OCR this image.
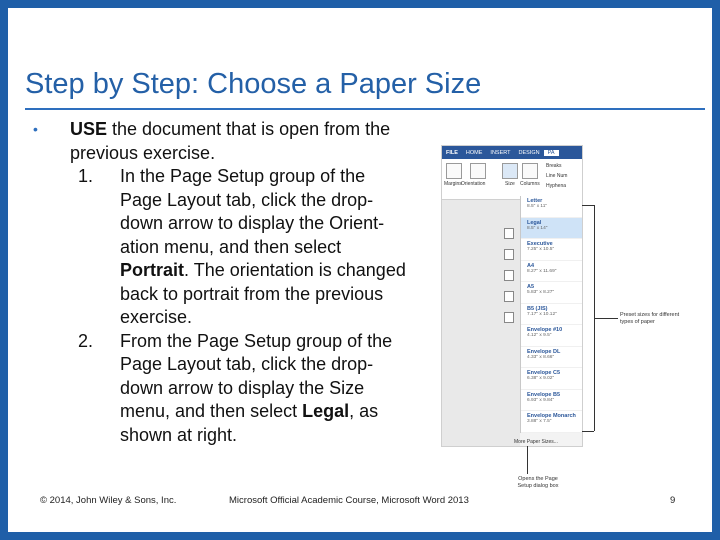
Step by Step: Choose a Paper Size
• USE the document that is open from the previous exercise.
1. In the Page Setup group of the
Page Layout tab, click the drop-
down arrow to display the Orient-
ation menu, and then select
Portrait. The orientation is changed
back to portrait from the previous
exercise.
2. From the Page Setup group of the
Page Layout tab, click the drop-
down arrow to display the Size
menu, and then select Legal, as
shown at right.
FILE	HOME	INSERT	DESIGN	PA
Margins Orientation	Size Columns
Breaks
Line Num
Hyphena
Letter
8.5" x 11"
Legal
8.5" x 14"
Executive
7.25" x 10.5"
A4
8.27" x 11.69"
A5
5.83" x 8.27"
B5 (JIS)
7.17" x 10.12"
Envelope #10
4.12" x 9.5"
Envelope DL
4.33" x 8.66"
Envelope C5
6.38" x 9.02"
Envelope B5
6.93" x 9.84"
Envelope Monarch
3.88" x 7.5"
More Paper Sizes...
Preset sizes for different types of paper
Opens the Page Setup dialog box
© 2014, John Wiley & Sons, Inc.	Microsoft Official Academic Course, Microsoft Word 2013	9
